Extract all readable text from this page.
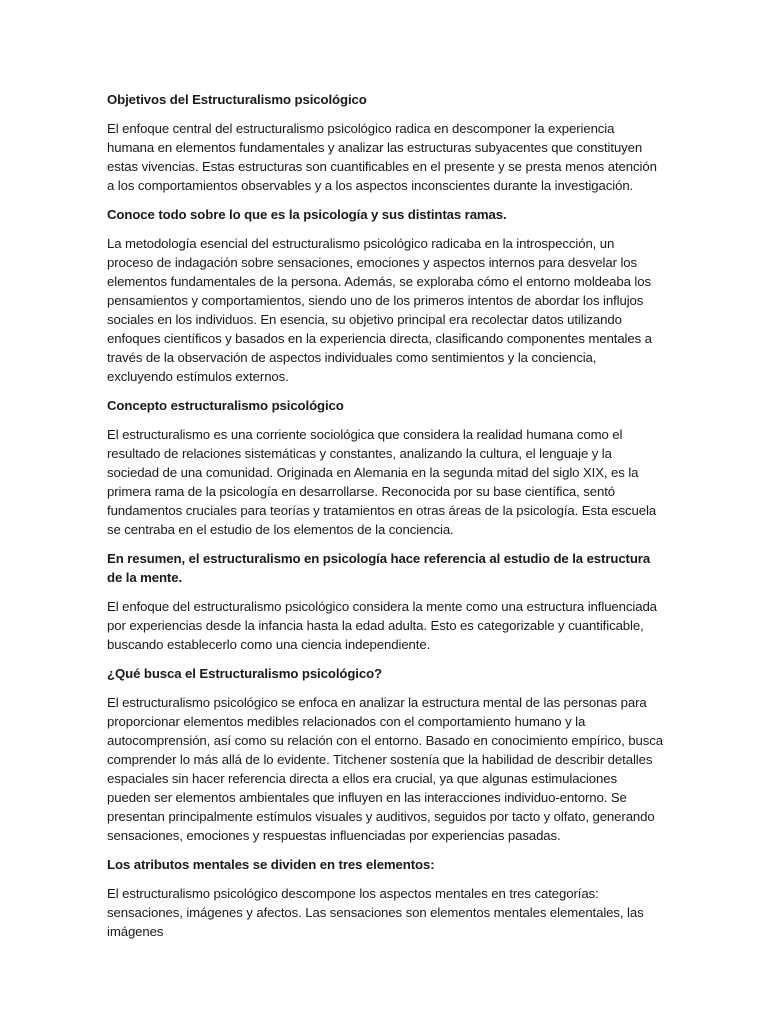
Objetivos del Estructuralismo psicológico
El enfoque central del estructuralismo psicológico radica en descomponer la experiencia humana en elementos fundamentales y analizar las estructuras subyacentes que constituyen estas vivencias. Estas estructuras son cuantificables en el presente y se presta menos atención a los comportamientos observables y a los aspectos inconscientes durante la investigación.
Conoce todo sobre lo que es la psicología y sus distintas ramas.
La metodología esencial del estructuralismo psicológico radicaba en la introspección, un proceso de indagación sobre sensaciones, emociones y aspectos internos para desvelar los elementos fundamentales de la persona. Además, se exploraba cómo el entorno moldeaba los pensamientos y comportamientos, siendo uno de los primeros intentos de abordar los influjos sociales en los individuos. En esencia, su objetivo principal era recolectar datos utilizando enfoques científicos y basados en la experiencia directa, clasificando componentes mentales a través de la observación de aspectos individuales como sentimientos y la conciencia, excluyendo estímulos externos.
Concepto estructuralismo psicológico
El estructuralismo es una corriente sociológica que considera la realidad humana como el resultado de relaciones sistemáticas y constantes, analizando la cultura, el lenguaje y la sociedad de una comunidad. Originada en Alemania en la segunda mitad del siglo XIX, es la primera rama de la psicología en desarrollarse. Reconocida por su base científica, sentó fundamentos cruciales para teorías y tratamientos en otras áreas de la psicología. Esta escuela se centraba en el estudio de los elementos de la conciencia.
En resumen, el estructuralismo en psicología hace referencia al estudio de la estructura de la mente.
El enfoque del estructuralismo psicológico considera la mente como una estructura influenciada por experiencias desde la infancia hasta la edad adulta. Esto es categorizable y cuantificable, buscando establecerlo como una ciencia independiente.
¿Qué busca el Estructuralismo psicológico?
El estructuralismo psicológico se enfoca en analizar la estructura mental de las personas para proporcionar elementos medibles relacionados con el comportamiento humano y la autocomprensión, así como su relación con el entorno. Basado en conocimiento empírico, busca comprender lo más allá de lo evidente. Titchener sostenía que la habilidad de describir detalles espaciales sin hacer referencia directa a ellos era crucial, ya que algunas estimulaciones pueden ser elementos ambientales que influyen en las interacciones individuo-entorno. Se presentan principalmente estímulos visuales y auditivos, seguidos por tacto y olfato, generando sensaciones, emociones y respuestas influenciadas por experiencias pasadas.
Los atributos mentales se dividen en tres elementos:
El estructuralismo psicológico descompone los aspectos mentales en tres categorías: sensaciones, imágenes y afectos. Las sensaciones son elementos mentales elementales, las imágenes
